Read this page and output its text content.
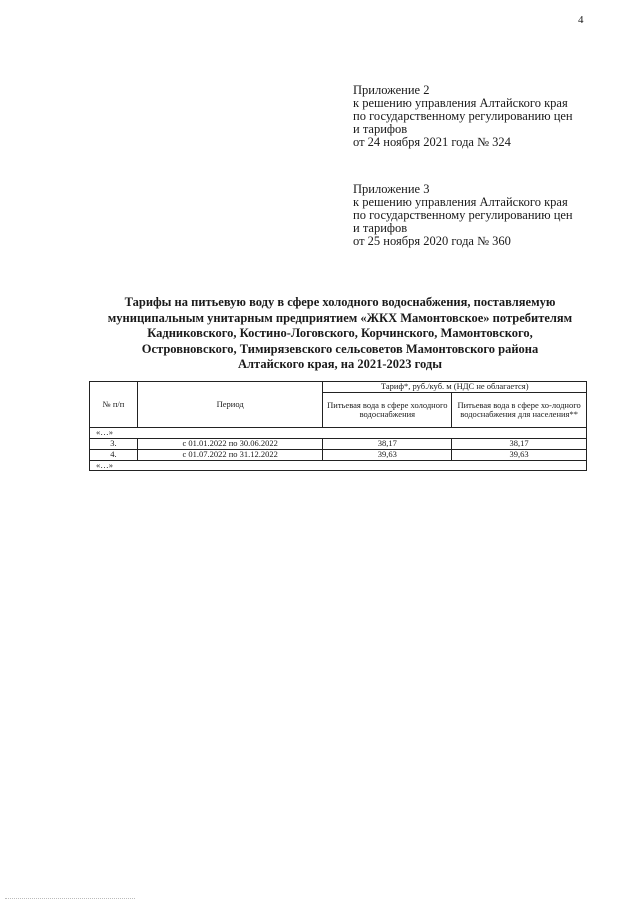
4
Приложение 2
к решению управления Алтайского края
по государственному регулированию цен
и тарифов
от 24 ноября 2021 года № 324
Приложение 3
к решению управления Алтайского края
по государственному регулированию цен
и тарифов
от 25 ноября 2020 года № 360
Тарифы на питьевую воду в сфере холодного водоснабжения, поставляемую
муниципальным унитарным предприятием «ЖКХ Мамонтовское» потребителям
Кадниковского, Костино-Логовского, Корчинского, Мамонтовского,
Островновского, Тимирязевского сельсоветов Мамонтовского района
Алтайского края, на 2021-2023 годы
№ п/п	Период	Тариф*, руб./куб. м (НДС не облагается)	
		Питьевая вода в сфере холодного водоснабжения	Питьевая вода в сфере хо-лодного водоснабжения для населения**
«…»			
3.	с 01.01.2022 по 30.06.2022	38,17	38,17
4.	с 01.07.2022 по 31.12.2022	39,63	39,63
«…»			
